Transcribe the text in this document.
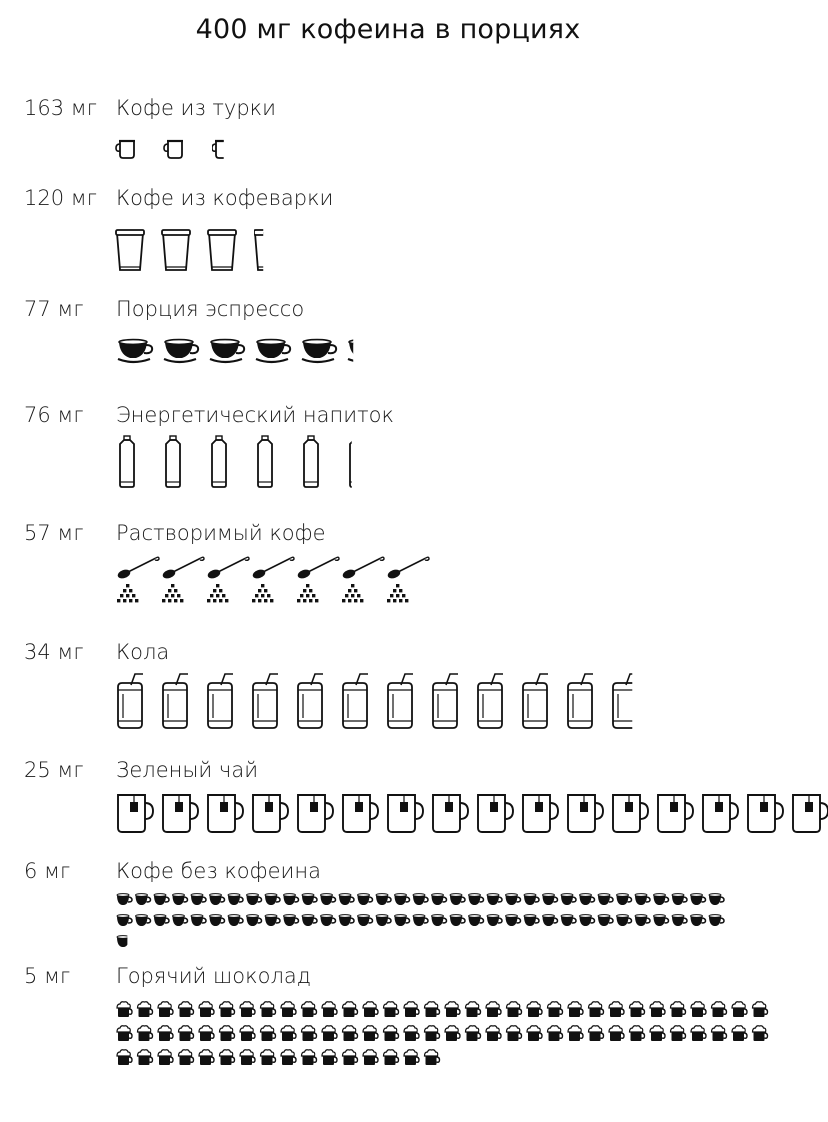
400 мг кофеина в порциях
163 мг Кофе из турки
120 мг Кофе из кофеварки
77 мг Порция эспрессо
76 мг Энергетический напиток
57 мг Растворимый кофе
34 мг Кола
25 мг Зеленый чай
6 мг Кофе без кофеина
5 мг Горячий шоколад
